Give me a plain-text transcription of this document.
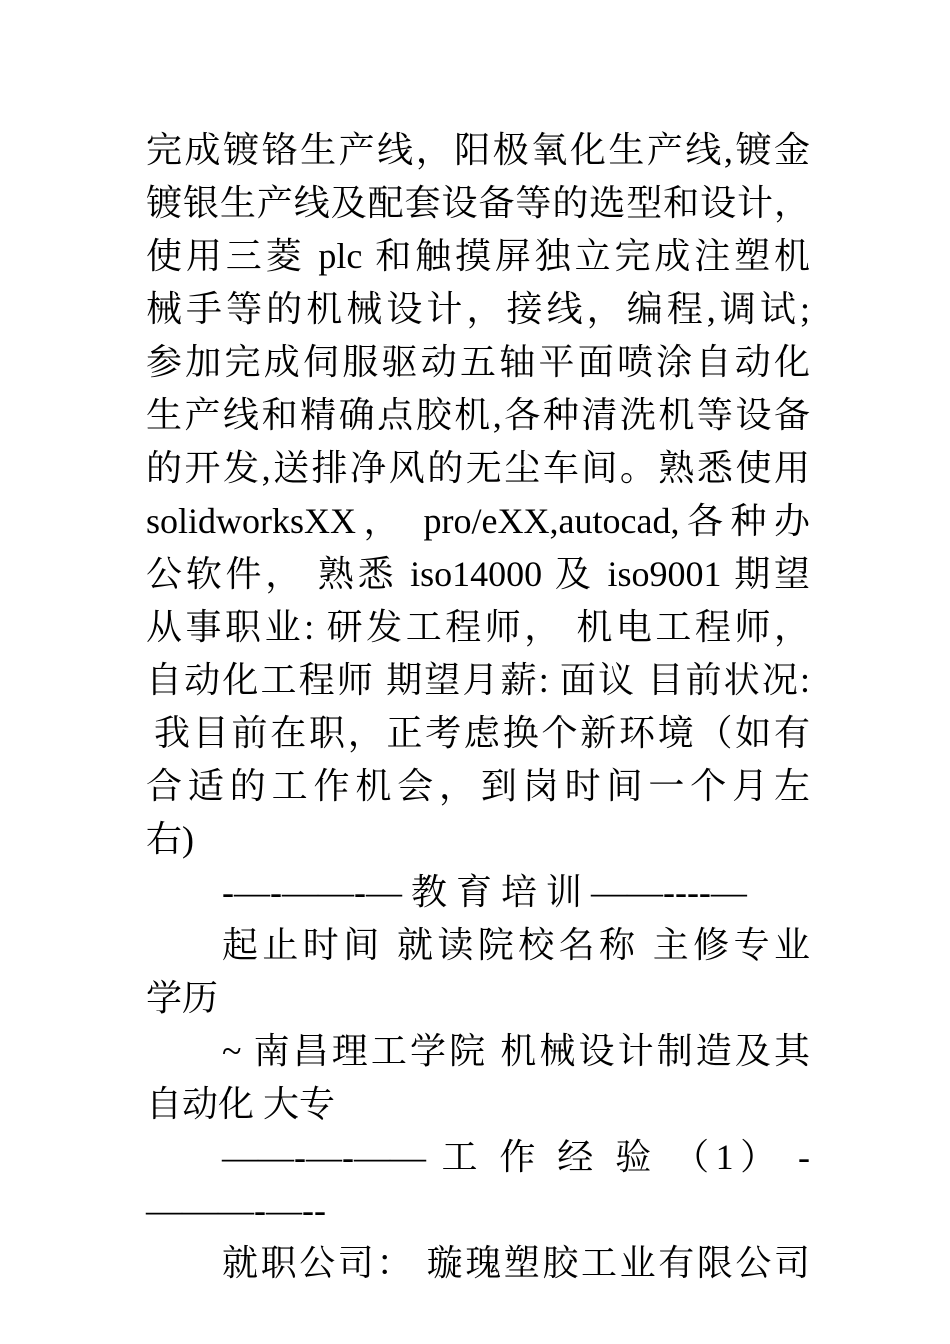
完成镀铬生产线，阳极氧化生产线,镀金
镀银生产线及配套设备等的选型和设计，
使用三菱 plc 和触摸屏独立完成注塑机
械手等的机械设计，接线，编程,调试;
参加完成伺服驱动五轴平面喷涂自动化
生产线和精确点胶机,各种清洗机等设备
的开发,送排净风的无尘车间。熟悉使用
solidworksXX， pro/eXX,autocad,各种办
公软件， 熟悉 iso14000 及 iso9001 期望
从事职业: 研发工程师， 机电工程师，
自动化工程师 期望月薪: 面议 目前状况:
我目前在职，正考虑换个新环境（如有
合适的工作机会，到岗时间一个月左
右)
-—-——-— 教 育 培 训 ——----—
起止时间 就读院校名称 主修专业
学历
~ 南昌理工学院 机械设计制造及其
自动化 大专
——-—-—— 工 作 经 验 （1） -
———-—--
就职公司： 璇瑰塑胶工业有限公司
